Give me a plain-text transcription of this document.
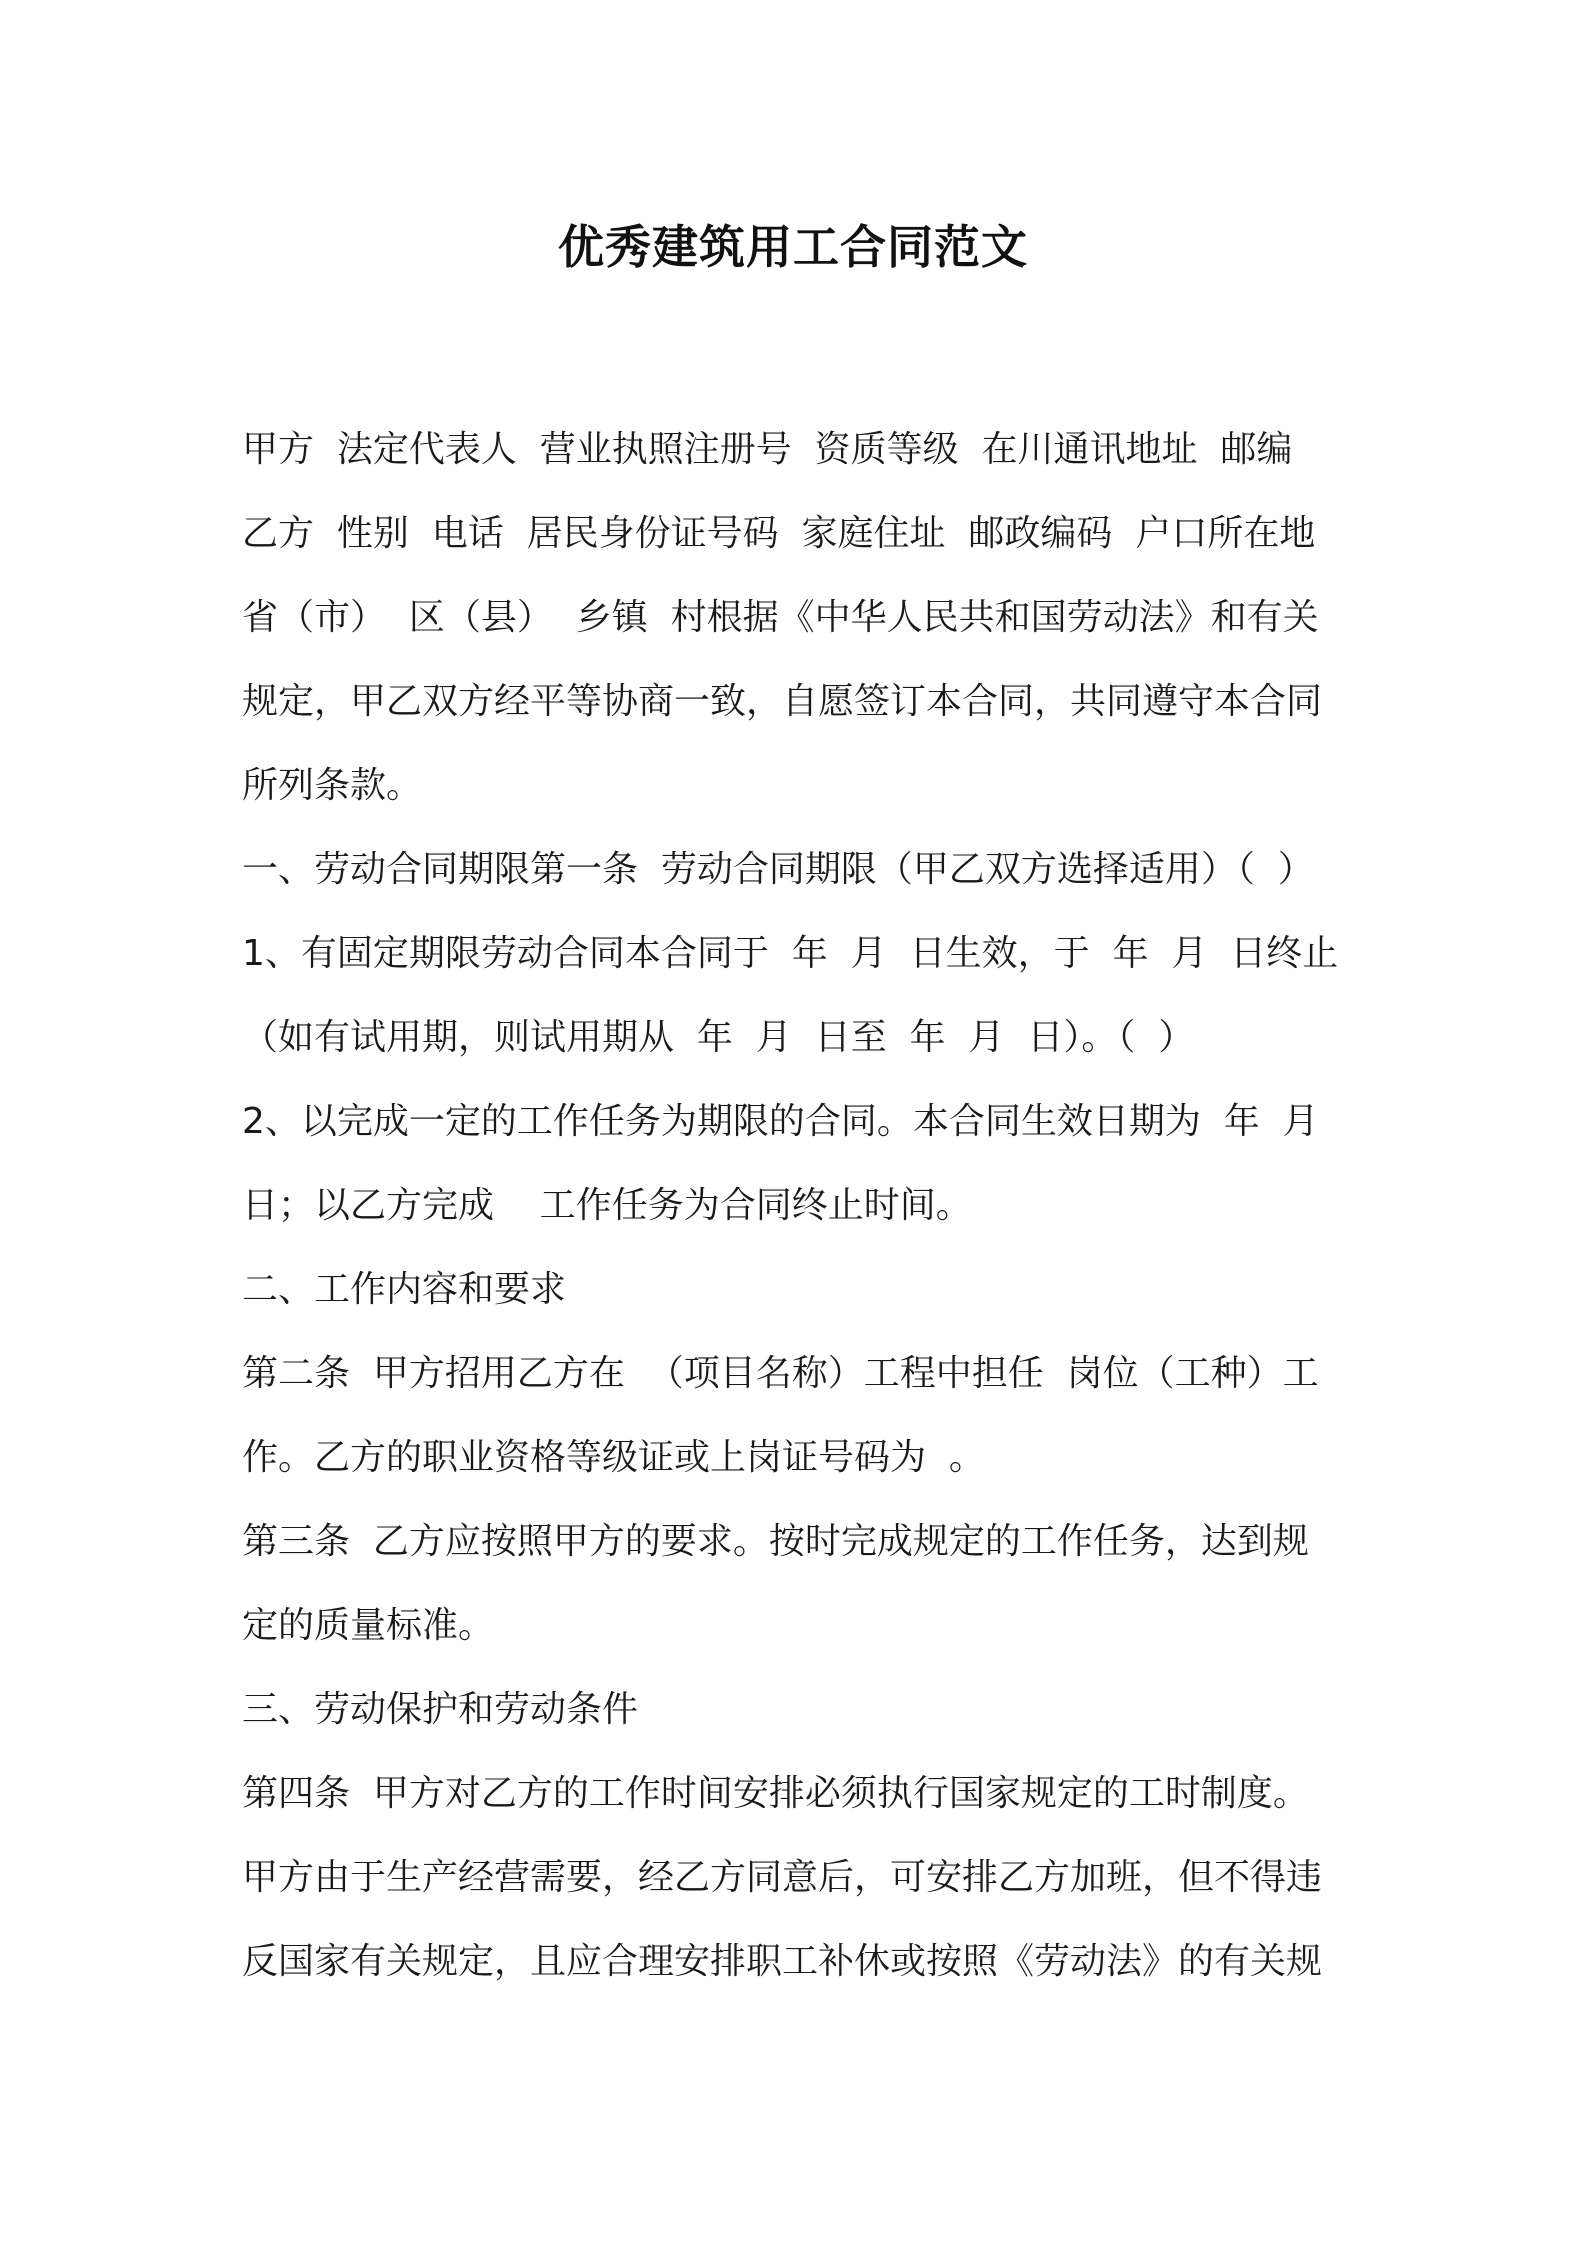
优秀建筑用工合同范文

甲方  法定代表人  营业执照注册号  资质等级  在川通讯地址  邮编

乙方  性别  电话  居民身份证号码  家庭住址  邮政编码  户口所在地

省（市）  区（县）  乡镇  村根据《中华人民共和国劳动法》和有关

规定，甲乙双方经平等协商一致，自愿签订本合同，共同遵守本合同

所列条款。

一、劳动合同期限第一条  劳动合同期限（甲乙双方选择适用）（  ）

1、有固定期限劳动合同本合同于  年  月  日生效，于  年  月  日终止

（如有试用期，则试用期从  年  月  日至  年  月  日）。（  ）

2、以完成一定的工作任务为期限的合同。本合同生效日期为  年  月

日；以乙方完成    工作任务为合同终止时间。

二、工作内容和要求

第二条  甲方招用乙方在  （项目名称）工程中担任  岗位（工种）工

作。乙方的职业资格等级证或上岗证号码为  。

第三条  乙方应按照甲方的要求。按时完成规定的工作任务，达到规

定的质量标准。

三、劳动保护和劳动条件

第四条  甲方对乙方的工作时间安排必须执行国家规定的工时制度。

甲方由于生产经营需要，经乙方同意后，可安排乙方加班，但不得违

反国家有关规定，且应合理安排职工补休或按照《劳动法》的有关规
